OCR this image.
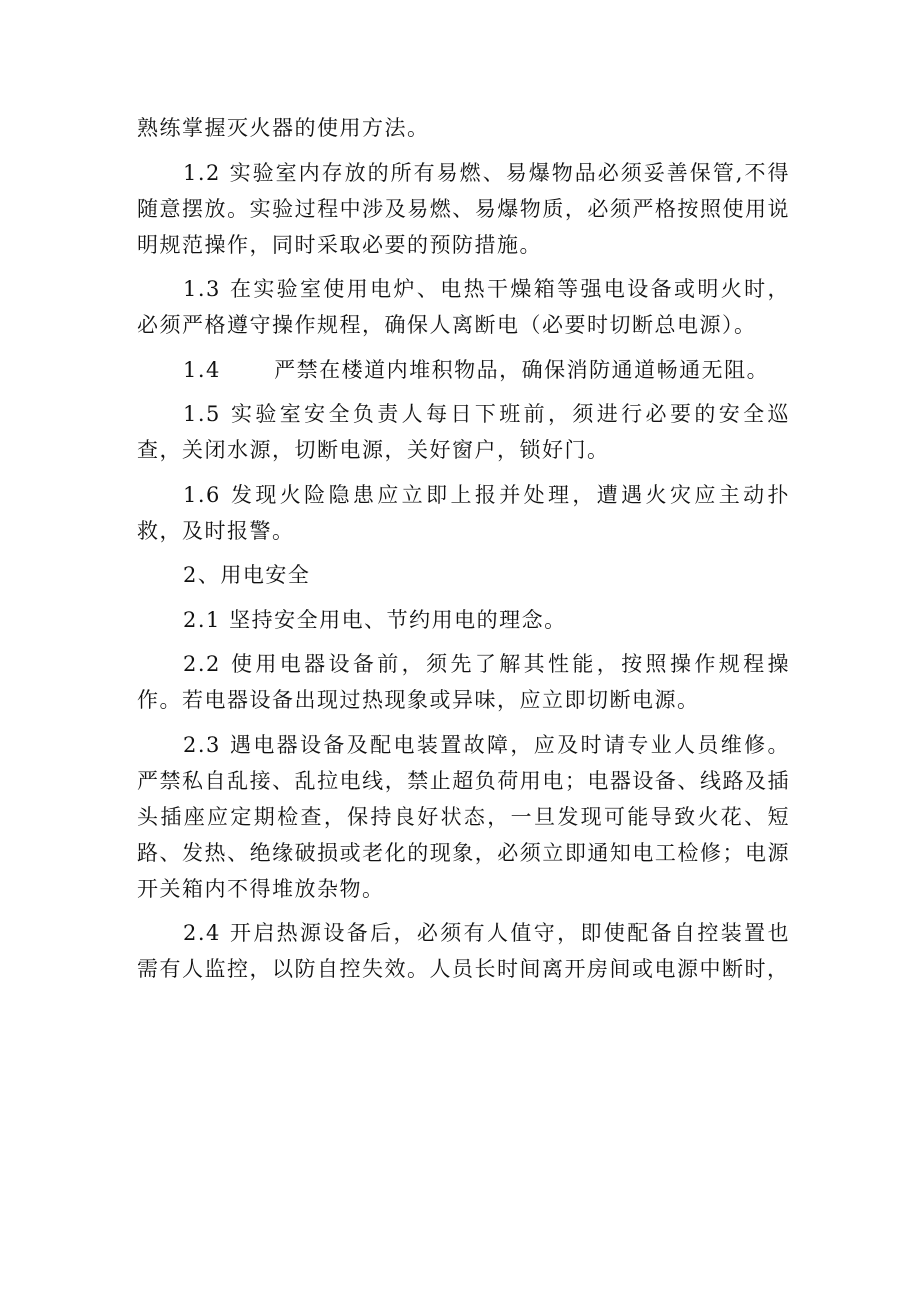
熟练掌握灭火器的使用方法。

1.2 实验室内存放的所有易燃、易爆物品必须妥善保管,不得随意摆放。实验过程中涉及易燃、易爆物质，必须严格按照使用说明规范操作，同时采取必要的预防措施。

1.3 在实验室使用电炉、电热干燥箱等强电设备或明火时，必须严格遵守操作规程，确保人离断电（必要时切断总电源）。

1.4　　 严禁在楼道内堆积物品，确保消防通道畅通无阻。

1.5 实验室安全负责人每日下班前，须进行必要的安全巡查，关闭水源，切断电源，关好窗户，锁好门。

1.6 发现火险隐患应立即上报并处理，遭遇火灾应主动扑救，及时报警。

2、用电安全

2.1 坚持安全用电、节约用电的理念。

2.2 使用电器设备前，须先了解其性能，按照操作规程操作。若电器设备出现过热现象或异味，应立即切断电源。

2.3 遇电器设备及配电装置故障，应及时请专业人员维修。严禁私自乱接、乱拉电线，禁止超负荷用电；电器设备、线路及插头插座应定期检查，保持良好状态，一旦发现可能导致火花、短路、发热、绝缘破损或老化的现象，必须立即通知电工检修；电源开关箱内不得堆放杂物。

2.4 开启热源设备后，必须有人值守，即使配备自控装置也需有人监控，以防自控失效。人员长时间离开房间或电源中断时，
